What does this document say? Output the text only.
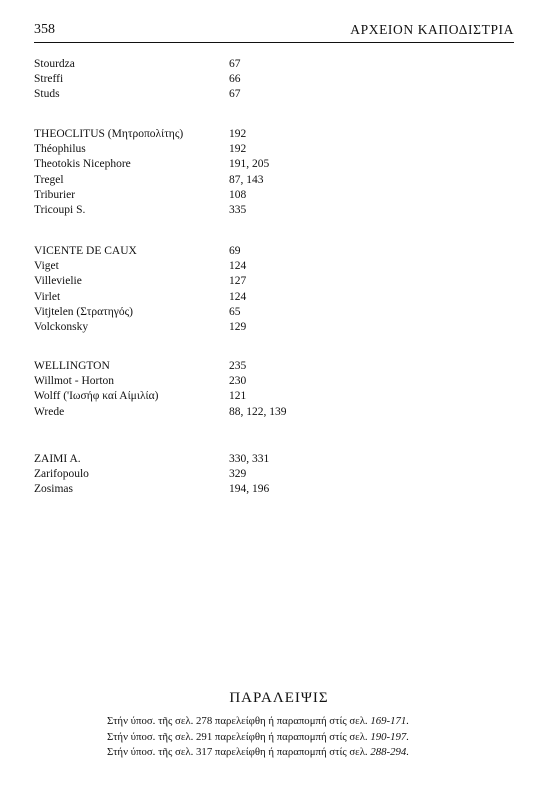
358	ΑΡΧΕΙΟΝ ΚΑΠΟΔΙΣΤΡΙΑ
Stourdza	67
Streffi	66
Studs	67
THEOCLITUS (Μητροπολίτης)	192
Théophilus	192
Theotokis Nicephore	191, 205
Tregel	87, 143
Triburier	108
Tricoupi S.	335
VICENTE DE CAUX	69
Viget	124
Villevielie	127
Virlet	124
Vitjtelen (Στρατηγός)	65
Volckonsky	129
WELLINGTON	235
Willmot - Horton	230
Wolff ('Ιωσήφ καί Αίμιλία)	121
Wrede	88, 122, 139
ZAIMI A.	330, 331
Zarifopoulo	329
Zosimas	194, 196
ΠΑΡΑΛΕΙΨΙΣ
Στήν ύποσ. τῆς σελ. 278 παρελείφθη ή παραπομπή στίς σελ. 169-171.
Στήν ύποσ. τῆς σελ. 291 παρελείφθη ή παραπομπή στίς σελ. 190-197.
Στήν ύποσ. τῆς σελ. 317 παρελείφθη ή παραπομπή στίς σελ. 288-294.
